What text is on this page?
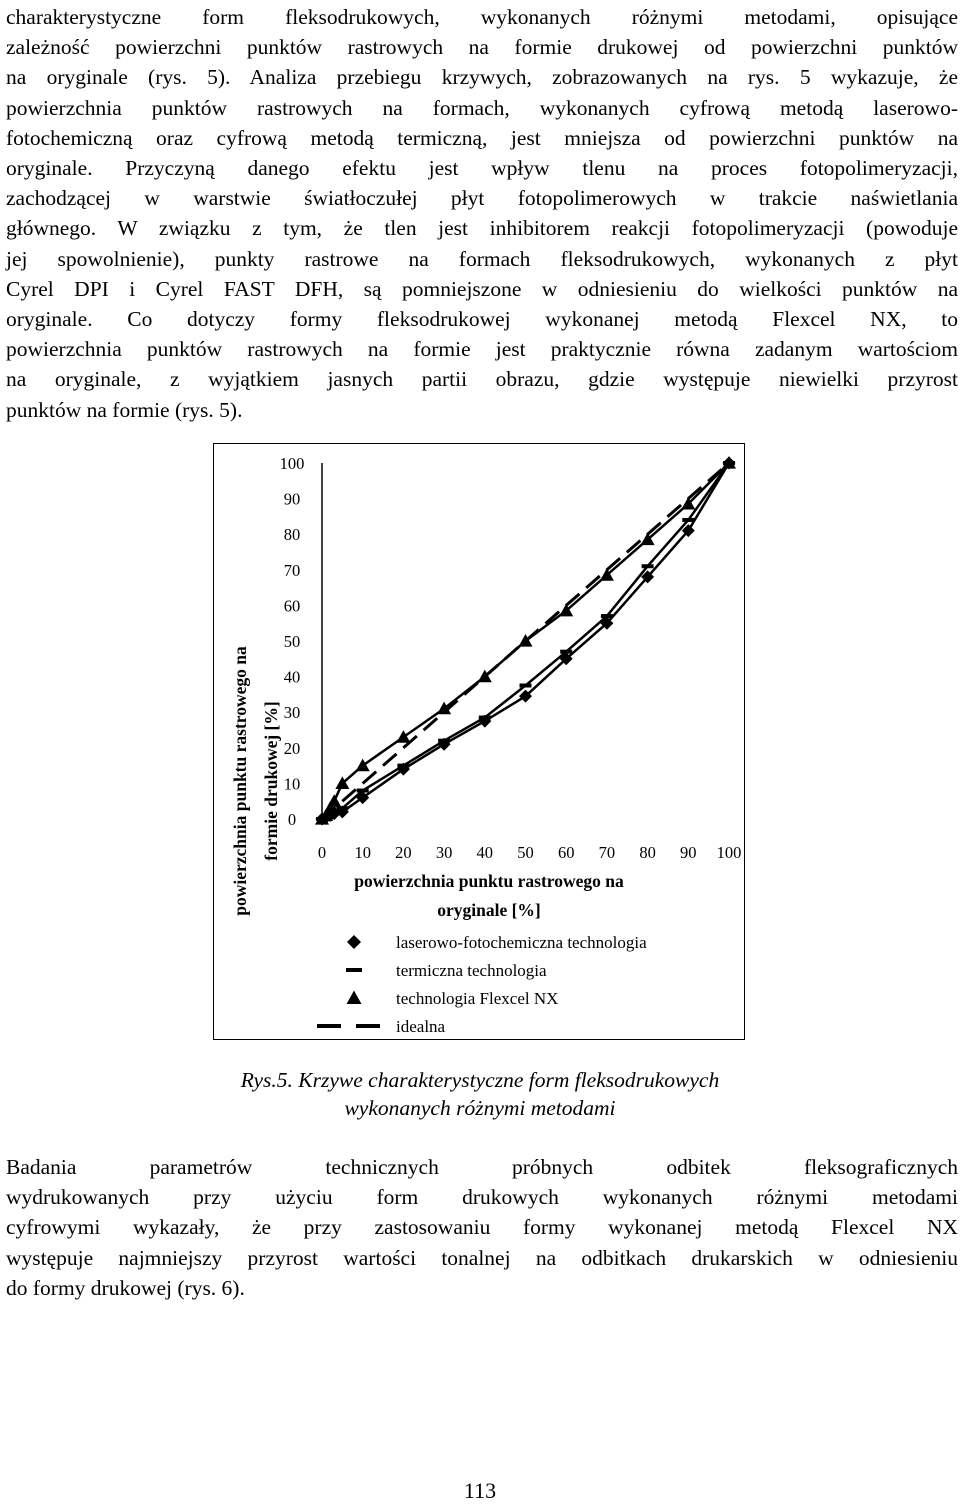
charakterystyczne form fleksodrukowych, wykonanych różnymi metodami, opisujące
zależność powierzchni punktów rastrowych na formie drukowej od powierzchni punktów
na oryginale (rys. 5). Analiza przebiegu krzywych, zobrazowanych na rys. 5 wykazuje, że
powierzchnia punktów rastrowych na formach, wykonanych cyfrową metodą laserowo-
fotochemiczną oraz cyfrową metodą termiczną, jest mniejsza od powierzchni punktów na
oryginale. Przyczyną danego efektu jest wpływ tlenu na proces fotopolimeryzacji,
zachodzącej w warstwie światłoczułej płyt fotopolimerowych w trakcie naświetlania
głównego. W związku z tym, że tlen jest inhibitorem reakcji fotopolimeryzacji (powoduje
jej spowolnienie), punkty rastrowe na formach fleksodrukowych, wykonanych z płyt
Cyrel DPI i Cyrel FAST DFH, są pomniejszone w odniesieniu do wielkości punktów na
oryginale. Co dotyczy formy fleksodrukowej wykonanej metodą Flexcel NX, to
powierzchnia punktów rastrowych na formie jest praktycznie równa zadanym wartościom
na oryginale, z wyjątkiem jasnych partii obrazu, gdzie występuje niewielki przyrost
punktów na formie (rys. 5).
0
10
20
30
40
50
60
70
80
90
100
0 10 20 30 40 50 60 70 80 90 100
powierzchnia punktu rastrowego na formie drukowej [%]
powierzchnia punktu rastrowego na
oryginale [%]
laserowo-fotochemiczna technologia
termiczna technologia
technologia Flexcel NX
idealna
Rys.5. Krzywe charakterystyczne form fleksodrukowych
wykonanych różnymi metodami
Badania parametrów technicznych próbnych odbitek fleksograficznych
wydrukowanych przy użyciu form drukowych wykonanych różnymi metodami
cyfrowymi wykazały, że przy zastosowaniu formy wykonanej metodą Flexcel NX
występuje najmniejszy przyrost wartości tonalnej na odbitkach drukarskich w odniesieniu
do formy drukowej (rys. 6).
113
